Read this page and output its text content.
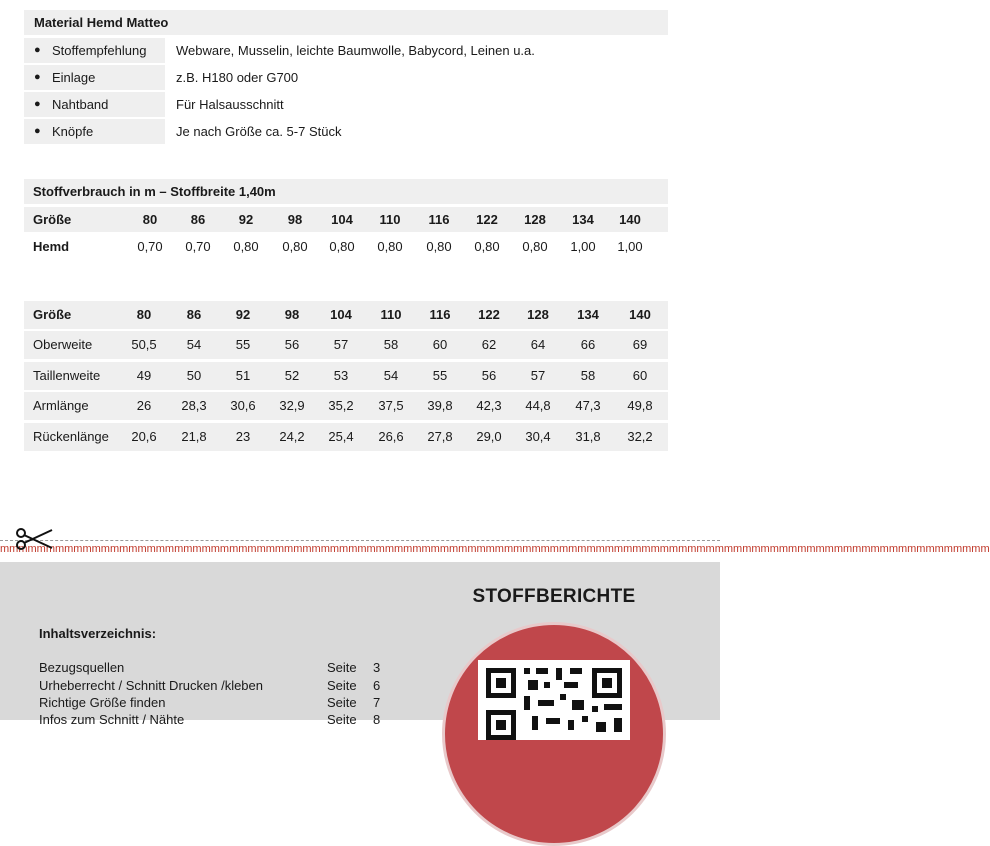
Material Hemd Matteo
● Stoffempfehlung Webware, Musselin, leichte Baumwolle, Babycord, Leinen u.a.
● Einlage	z.B. H180 oder G700
● Nahtband	Für Halsausschnitt
● Knöpfe	Je nach Größe ca. 5-7 Stück
Stoffverbrauch in m – Stoffbreite 1,40m
Größe	80	86	92	98	104	110	116	122	128	134	140
Hemd	0,70	0,70	0,80	0,80	0,80	0,80	0,80	0,80	0,80	1,00	1,00
Größe	80	86	92	98	104	110	116	122	128	134	140
Oberweite	50,5	54	55	56	57	58	60	62	64	66	69
Taillenweite	49	50	51	52	53	54	55	56	57	58	60
Armlänge	26	28,3	30,6	32,9	35,2	37,5	39,8	42,3	44,8	47,3	49,8
Rückenlänge	20,6	21,8	23	24,2	25,4	26,6	27,8	29,0	30,4	31,8	32,2
mmmmmmmmmmmmmmmmmmmmmmmmmmmmmmmmmmmmmmmmmmmmmmmmmmmmmmmmmmmmmmmmmmmmmmmmmmmmmmmmmmmmmmmmmmmmmmmmmmmmmmmmmmmm
Inhaltsverzeichnis:
Bezugsquellen	Seite 3
Urheberrecht / Schnitt Drucken /kleben	Seite 6
Richtige Größe finden	Seite 7
Infos zum Schnitt / Nähte	Seite 8
STOFFBERICHTE
